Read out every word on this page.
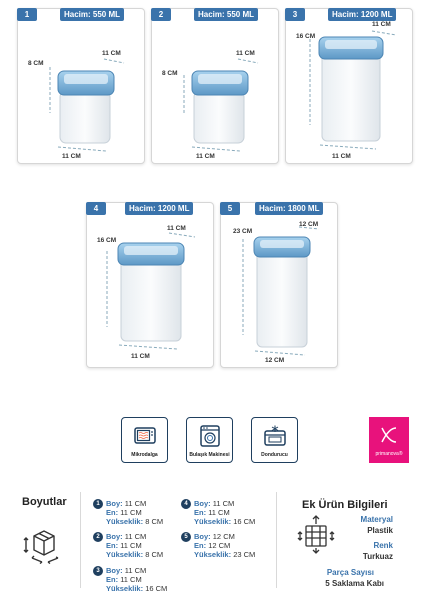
1	Hacim: 550 ML
8 CM
11 CM
11 CM
2	Hacim: 550 ML
8 CM
11 CM
11 CM
3	Hacim: 1200 ML
16 CM
11 CM
11 CM
4	Hacim: 1200 ML
16 CM
11 CM
11 CM
5	Hacim: 1800 ML
23 CM
12 CM
12 CM
Mikrodalga	Bulaşık Makinesi	Dondurucu	primanova®
Boyutlar	1 Boy: 11 CM
En: 11 CM
Yükseklik: 8 CM
2 Boy: 11 CM
En: 11 CM
Yükseklik: 8 CM
3 Boy: 11 CM
En: 11 CM
Yükseklik: 16 CM
4 Boy: 11 CM
En: 11 CM
Yükseklik: 16 CM
5 Boy: 12 CM
En: 12 CM
Yükseklik: 23 CM
Ek Ürün Bilgileri
Materyal
Plastik
Renk
Turkuaz
Parça Sayısı
5 Saklama Kabı
